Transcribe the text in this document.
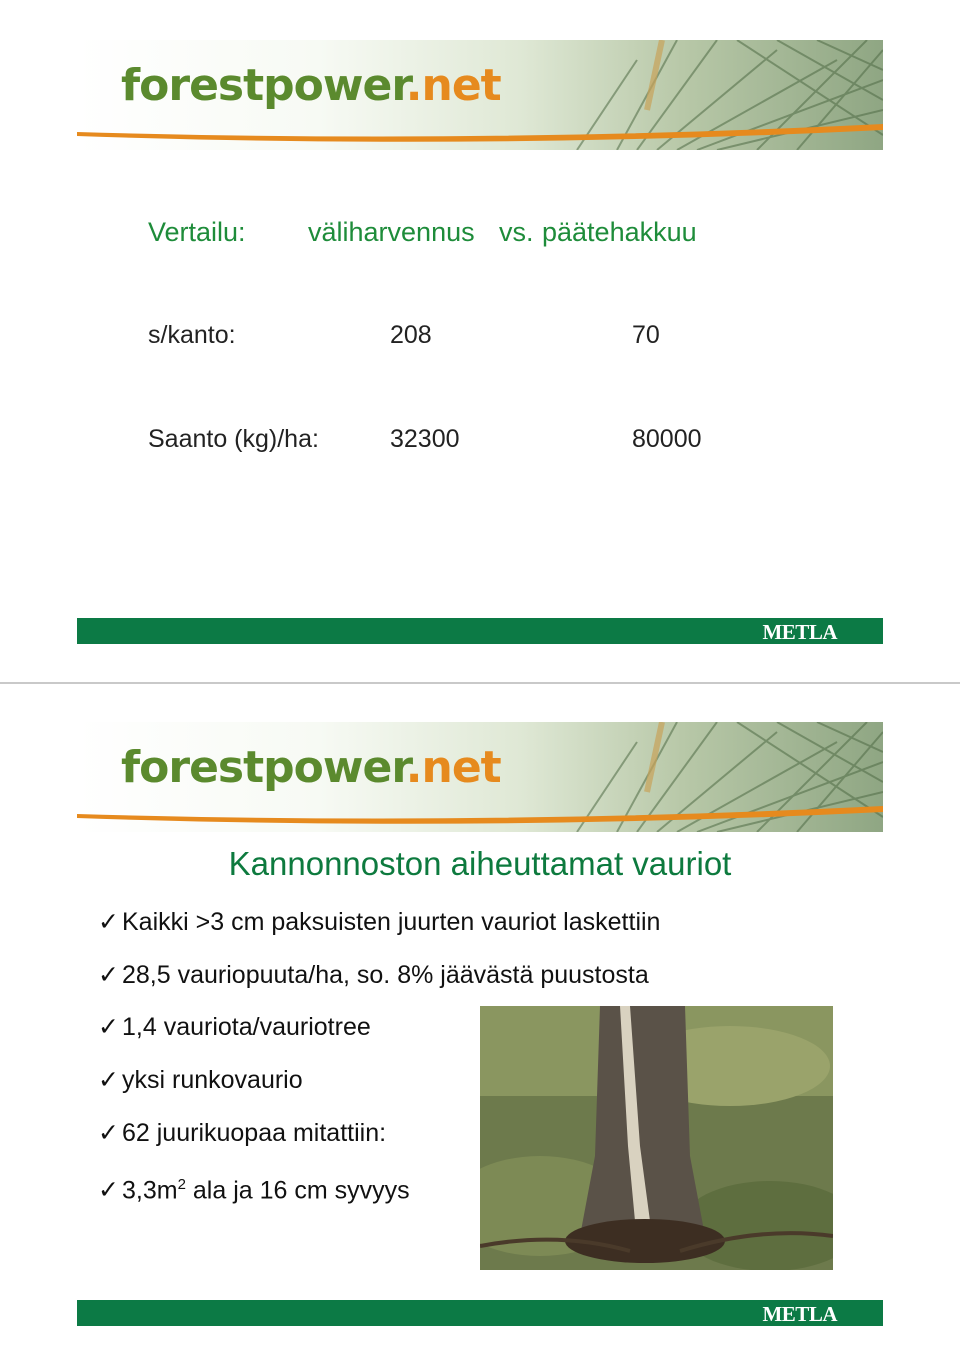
forestpower.net
Vertailu: väliharvennus vs. päätehakkuu
s/kanto:	208	70
Saanto (kg)/ha:	32300	80000
METLA
forestpower.net
Kannonnoston aiheuttamat vauriot
✓ Kaikki >3 cm paksuisten juurten vauriot laskettiin
✓ 28,5 vauriopuuta/ha, so. 8% jäävästä puustosta
✓ 1,4 vauriota/vauriotree
✓ yksi runkovaurio
✓ 62 juurikuopaa mitattiin:
✓ $3,3m^2$ ala ja 16 cm syvyys
METLA
